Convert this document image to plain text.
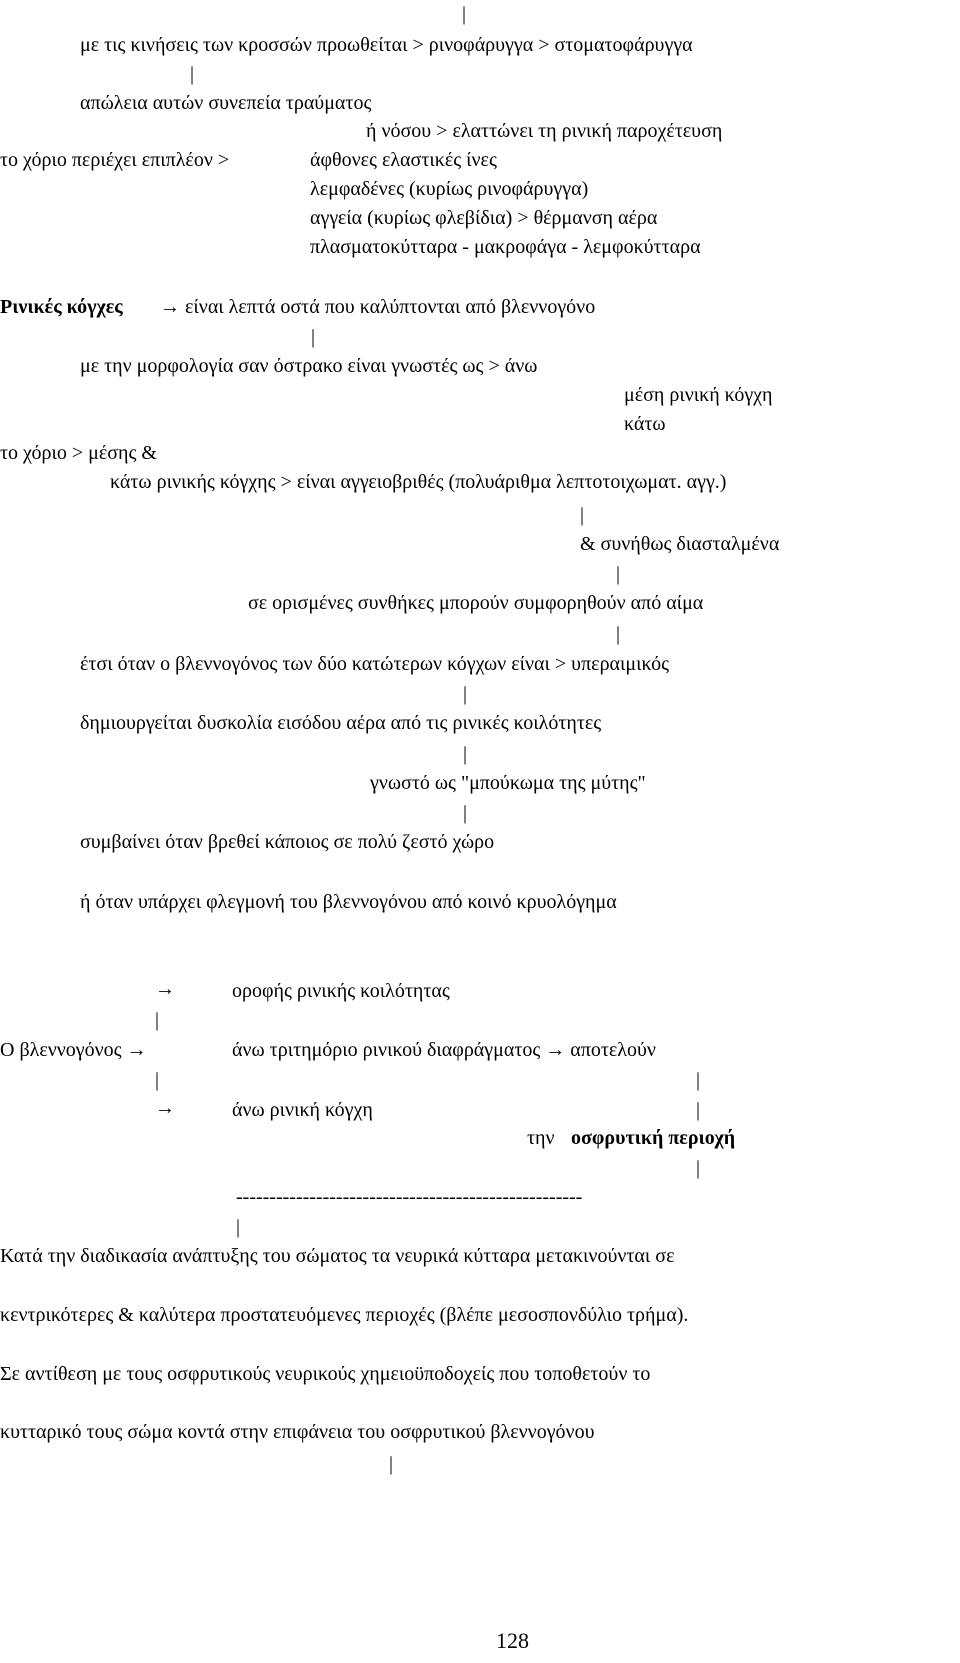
|
με τις κινήσεις των κροσσών προωθείται > ρινοφάρυγγα > στοματοφάρυγγα
|
απώλεια αυτών συνεπεία τραύματος
ή νόσου > ελαττώνει τη ρινική παροχέτευση
το χόριο περιέχει επιπλέον >	άφθονες ελαστικές ίνες
λεμφαδένες (κυρίως ρινοφάρυγγα)
αγγεία (κυρίως φλεβίδια) > θέρμανση αέρα
πλασματοκύτταρα - μακροφάγα - λεμφοκύτταρα
Ρινικές κόγχες → είναι λεπτά οστά που καλύπτονται από βλεννογόνο
|
με την μορφολογία σαν όστρακο είναι γνωστές ως > άνω
μέση ρινική κόγχη
κάτω
το χόριο > μέσης &
κάτω ρινικής κόγχης > είναι αγγειοβριθές (πολυάριθμα λεπτοτοιχωματ. αγγ.)
|
& συνήθως διασταλμένα
|
σε ορισμένες συνθήκες μπορούν συμφορηθούν από αίμα
|
έτσι όταν ο βλεννογόνος των δύο κατώτερων κόγχων είναι > υπεραιμικός
|
δημιουργείται δυσκολία εισόδου αέρα από τις ρινικές κοιλότητες
|
γνωστό ως "μπούκωμα της μύτης"
|
συμβαίνει όταν βρεθεί κάποιος σε πολύ ζεστό χώρο
ή όταν υπάρχει φλεγμονή του βλεννογόνου από κοινό κρυολόγημα
→	οροφής ρινικής κοιλότητας
|
Ο βλεννογόνος →	άνω τριτημόριο ρινικού διαφράγματος → αποτελούν
|	|
→	άνω ρινική κόγχη	|
την οσφρυτική περιοχή
|
----------------------------------------------------
|
Κατά την διαδικασία ανάπτυξης του σώματος τα νευρικά κύτταρα μετακινούνται σε
κεντρικότερες & καλύτερα προστατευόμενες περιοχές (βλέπε μεσοσπονδύλιο τρήμα).
Σε αντίθεση με τους οσφρυτικούς νευρικούς χημειοϋποδοχείς που τοποθετούν το
κυτταρικό τους σώμα κοντά στην επιφάνεια του οσφρυτικού βλεννογόνου
|
128
